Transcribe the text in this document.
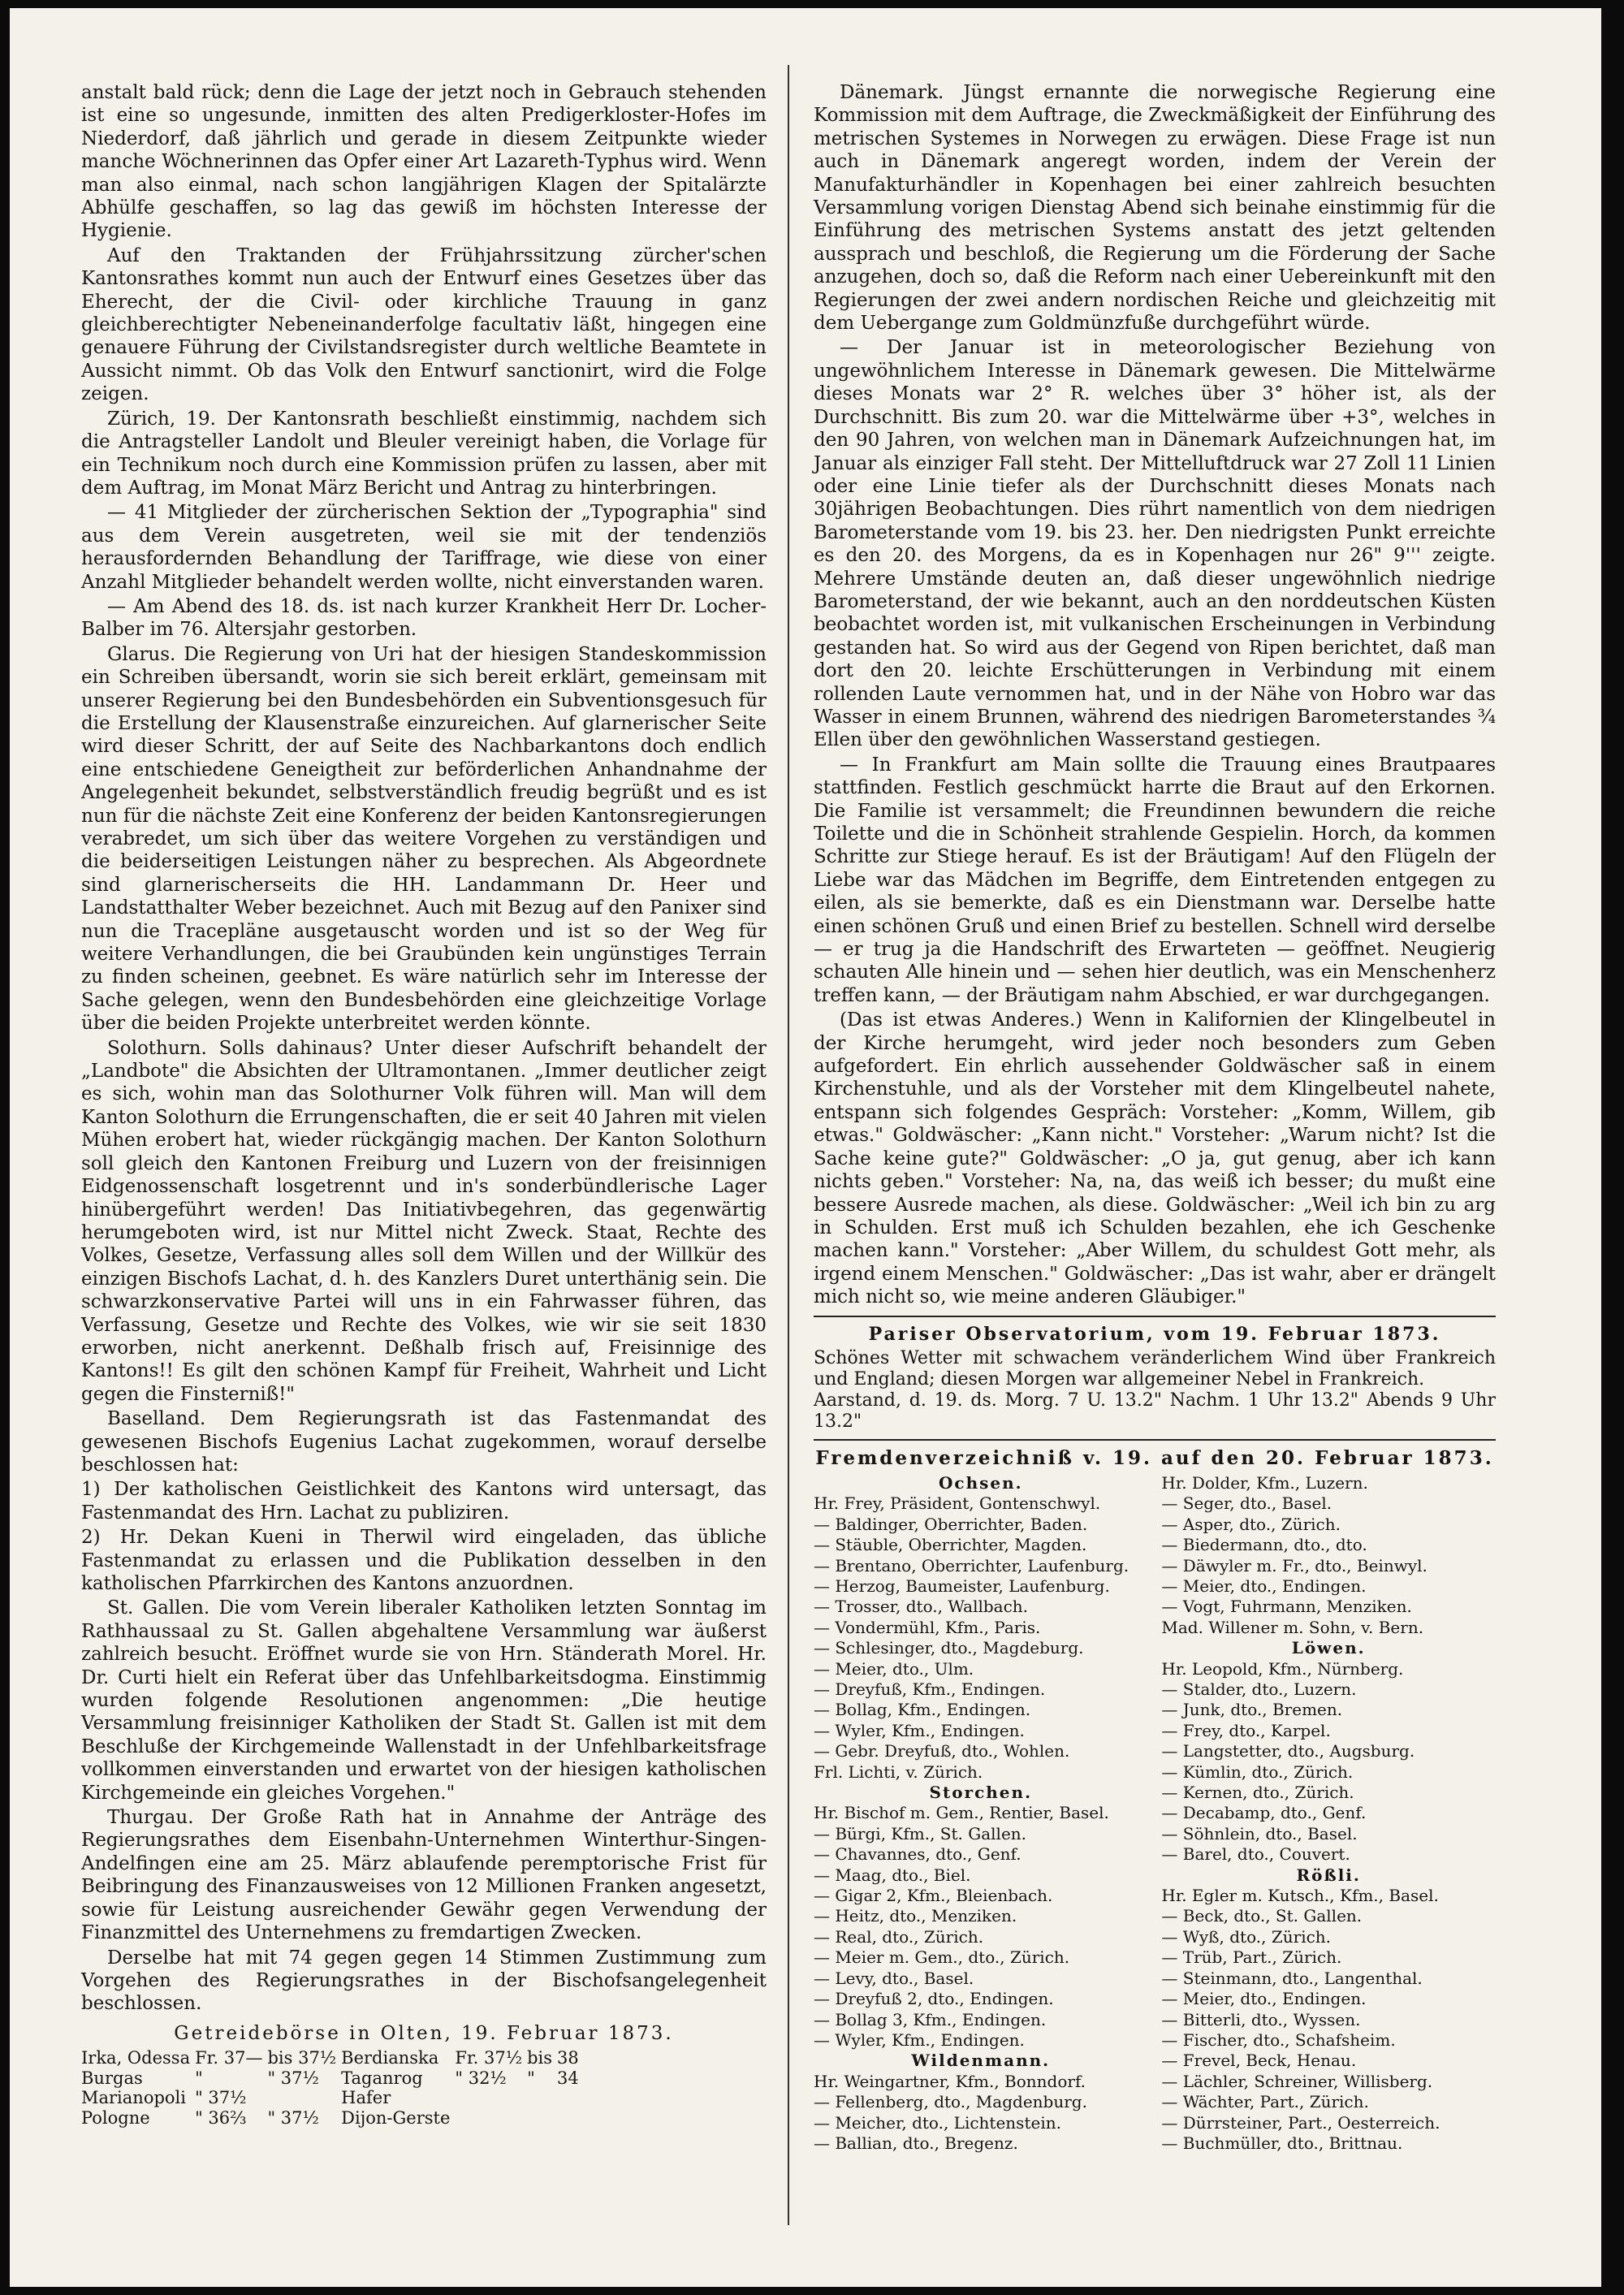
anstalt bald rück; denn die Lage der jetzt noch in Gebrauch stehenden ist eine so ungesunde, inmitten des alten Predigerkloster-Hofes im Niederdorf, daß jährlich und gerade in diesem Zeitpunkte wieder manche Wöchnerinnen das Opfer einer Art Lazareth-Typhus wird. Wenn man also einmal, nach schon langjährigen Klagen der Spitalärzte Abhülfe geschaffen, so lag das gewiß im höchsten Interesse der Hygienie.

Auf den Traktanden der Frühjahrssitzung zürcher'schen Kantonsrathes kommt nun auch der Entwurf eines Gesetzes über das Eherecht, der die Civil- oder kirchliche Trauung in ganz gleichberechtigter Nebeneinanderfolge facultativ läßt, hingegen eine genauere Führung der Civilstandsregister durch weltliche Beamtete in Aussicht nimmt. Ob das Volk den Entwurf sanctionirt, wird die Folge zeigen.

Zürich, 19. Der Kantonsrath beschließt einstimmig, nachdem sich die Antragsteller Landolt und Bleuler vereinigt haben, die Vorlage für ein Technikum noch durch eine Kommission prüfen zu lassen, aber mit dem Auftrag, im Monat März Bericht und Antrag zu hinterbringen.

— 41 Mitglieder der zürcherischen Sektion der „Typographia" sind aus dem Verein ausgetreten, weil sie mit der tendenziös herausfordernden Behandlung der Tariffrage, wie diese von einer Anzahl Mitglieder behandelt werden wollte, nicht einverstanden waren.

— Am Abend des 18. ds. ist nach kurzer Krankheit Herr Dr. Locher-Balber im 76. Altersjahr gestorben.

Glarus. Die Regierung von Uri hat der hiesigen Standeskommission ein Schreiben übersandt, worin sie sich bereit erklärt, gemeinsam mit unserer Regierung bei den Bundesbehörden ein Subventionsgesuch für die Erstellung der Klausenstraße einzureichen. Auf glarnerischer Seite wird dieser Schritt, der auf Seite des Nachbarkantons doch endlich eine entschiedene Geneigtheit zur beförderlichen Anhandnahme der Angelegenheit bekundet, selbstverständlich freudig begrüßt und es ist nun für die nächste Zeit eine Konferenz der beiden Kantonsregierungen verabredet, um sich über das weitere Vorgehen zu verständigen und die beiderseitigen Leistungen näher zu besprechen. Als Abgeordnete sind glarnerischerseits die HH. Landammann Dr. Heer und Landstatthalter Weber bezeichnet. Auch mit Bezug auf den Panixer sind nun die Tracepläne ausgetauscht worden und ist so der Weg für weitere Verhandlungen, die bei Graubünden kein ungünstiges Terrain zu finden scheinen, geebnet. Es wäre natürlich sehr im Interesse der Sache gelegen, wenn den Bundesbehörden eine gleichzeitige Vorlage über die beiden Projekte unterbreitet werden könnte.

Solothurn. Solls dahinaus? Unter dieser Aufschrift behandelt der „Landbote" die Absichten der Ultramontanen. „Immer deutlicher zeigt es sich, wohin man das Solothurner Volk führen will. Man will dem Kanton Solothurn die Errungenschaften, die er seit 40 Jahren mit vielen Mühen erobert hat, wieder rückgängig machen. Der Kanton Solothurn soll gleich den Kantonen Freiburg und Luzern von der freisinnigen Eidgenossenschaft losgetrennt und in's sonderbündlerische Lager hinübergeführt werden! Das Initiativbegehren, das gegenwärtig herumgeboten wird, ist nur Mittel nicht Zweck. Staat, Rechte des Volkes, Gesetze, Verfassung alles soll dem Willen und der Willkür des einzigen Bischofs Lachat, d. h. des Kanzlers Duret unterthänig sein. Die schwarzkonservative Partei will uns in ein Fahrwasser führen, das Verfassung, Gesetze und Rechte des Volkes, wie wir sie seit 1830 erworben, nicht anerkennt. Deßhalb frisch auf, Freisinnige des Kantons!! Es gilt den schönen Kampf für Freiheit, Wahrheit und Licht gegen die Finsterniß!"

Baselland. Dem Regierungsrath ist das Fastenmandat des gewesenen Bischofs Eugenius Lachat zugekommen, worauf derselbe beschlossen hat:

1) Der katholischen Geistlichkeit des Kantons wird untersagt, das Fastenmandat des Hrn. Lachat zu publiziren.

2) Hr. Dekan Kueni in Therwil wird eingeladen, das übliche Fastenmandat zu erlassen und die Publikation desselben in den katholischen Pfarrkirchen des Kantons anzuordnen.

St. Gallen. Die vom Verein liberaler Katholiken letzten Sonntag im Rathhaussaal zu St. Gallen abgehaltene Versammlung war äußerst zahlreich besucht. Eröffnet wurde sie von Hrn. Ständerath Morel. Hr. Dr. Curti hielt ein Referat über das Unfehlbarkeitsdogma. Einstimmig wurden folgende Resolutionen angenommen: „Die heutige Versammlung freisinniger Katholiken der Stadt St. Gallen ist mit dem Beschluße der Kirchgemeinde Wallenstadt in der Unfehlbarkeitsfrage vollkommen einverstanden und erwartet von der hiesigen katholischen Kirchgemeinde ein gleiches Vorgehen."

Thurgau. Der Große Rath hat in Annahme der Anträge des Regierungsrathes dem Eisenbahn-Unternehmen Winterthur-Singen-Andelfingen eine am 25. März ablaufende peremptorische Frist für Beibringung des Finanzausweises von 12 Millionen Franken angesetzt, sowie für Leistung ausreichender Gewähr gegen Verwendung der Finanzmittel des Unternehmens zu fremdartigen Zwecken.

Derselbe hat mit 74 gegen gegen 14 Stimmen Zustimmung zum Vorgehen des Regierungsrathes in der Bischofsangelegenheit beschlossen.

Getreidebörse in Olten, 19. Februar 1873.
Irka, Odessa	Fr. 37—	bis 37½	Berdianska	Fr. 37½	bis	38
Burgas	"	" 37½	Taganrog	" 32½	"	34
Marianopoli	" 37½		Hafer			
Pologne	" 36⅔	" 37½	Dijon-Gerste			

Dänemark. Jüngst ernannte die norwegische Regierung eine Kommission mit dem Auftrage, die Zweckmäßigkeit der Einführung des metrischen Systemes in Norwegen zu erwägen. Diese Frage ist nun auch in Dänemark angeregt worden, indem der Verein der Manufakturhändler in Kopenhagen bei einer zahlreich besuchten Versammlung vorigen Dienstag Abend sich beinahe einstimmig für die Einführung des metrischen Systems anstatt des jetzt geltenden aussprach und beschloß, die Regierung um die Förderung der Sache anzugehen, doch so, daß die Reform nach einer Uebereinkunft mit den Regierungen der zwei andern nordischen Reiche und gleichzeitig mit dem Uebergange zum Goldmünzfuße durchgeführt würde.

— Der Januar ist in meteorologischer Beziehung von ungewöhnlichem Interesse in Dänemark gewesen. Die Mittelwärme dieses Monats war 2° R. welches über 3° höher ist, als der Durchschnitt. Bis zum 20. war die Mittelwärme über +3°, welches in den 90 Jahren, von welchen man in Dänemark Aufzeichnungen hat, im Januar als einziger Fall steht. Der Mittelluftdruck war 27 Zoll 11 Linien oder eine Linie tiefer als der Durchschnitt dieses Monats nach 30jährigen Beobachtungen. Dies rührt namentlich von dem niedrigen Barometerstande vom 19. bis 23. her. Den niedrigsten Punkt erreichte es den 20. des Morgens, da es in Kopenhagen nur 26" 9''' zeigte. Mehrere Umstände deuten an, daß dieser ungewöhnlich niedrige Barometerstand, der wie bekannt, auch an den norddeutschen Küsten beobachtet worden ist, mit vulkanischen Erscheinungen in Verbindung gestanden hat. So wird aus der Gegend von Ripen berichtet, daß man dort den 20. leichte Erschütterungen in Verbindung mit einem rollenden Laute vernommen hat, und in der Nähe von Hobro war das Wasser in einem Brunnen, während des niedrigen Barometerstandes ¾ Ellen über den gewöhnlichen Wasserstand gestiegen.

— In Frankfurt am Main sollte die Trauung eines Brautpaares stattfinden. Festlich geschmückt harrte die Braut auf den Erkornen. Die Familie ist versammelt; die Freundinnen bewundern die reiche Toilette und die in Schönheit strahlende Gespielin. Horch, da kommen Schritte zur Stiege herauf. Es ist der Bräutigam! Auf den Flügeln der Liebe war das Mädchen im Begriffe, dem Eintretenden entgegen zu eilen, als sie bemerkte, daß es ein Dienstmann war. Derselbe hatte einen schönen Gruß und einen Brief zu bestellen. Schnell wird derselbe — er trug ja die Handschrift des Erwarteten — geöffnet. Neugierig schauten Alle hinein und — sehen hier deutlich, was ein Menschenherz treffen kann, — der Bräutigam nahm Abschied, er war durchgegangen.

(Das ist etwas Anderes.) Wenn in Kalifornien der Klingelbeutel in der Kirche herumgeht, wird jeder noch besonders zum Geben aufgefordert. Ein ehrlich aussehender Goldwäscher saß in einem Kirchenstuhle, und als der Vorsteher mit dem Klingelbeutel nahete, entspann sich folgendes Gespräch: Vorsteher: „Komm, Willem, gib etwas." Goldwäscher: „Kann nicht." Vorsteher: „Warum nicht? Ist die Sache keine gute?" Goldwäscher: „O ja, gut genug, aber ich kann nichts geben." Vorsteher: Na, na, das weiß ich besser; du mußt eine bessere Ausrede machen, als diese. Goldwäscher: „Weil ich bin zu arg in Schulden. Erst muß ich Schulden bezahlen, ehe ich Geschenke machen kann." Vorsteher: „Aber Willem, du schuldest Gott mehr, als irgend einem Menschen." Goldwäscher: „Das ist wahr, aber er drängelt mich nicht so, wie meine anderen Gläubiger."

Pariser Observatorium, vom 19. Februar 1873.
Schönes Wetter mit schwachem veränderlichem Wind über Frankreich und England; diesen Morgen war allgemeiner Nebel in Frankreich.
Aarstand, d. 19. ds. Morg. 7 U. 13.2" Nachm. 1 Uhr 13.2" Abends 9 Uhr 13.2"
Fremdenverzeichniß v. 19. auf den 20. Februar 1873.
Ochsen.
Hr. Frey, Präsident, Gontenschwyl.
— Baldinger, Oberrichter, Baden.
— Stäuble, Oberrichter, Magden.
— Brentano, Oberrichter, Laufenburg.
— Herzog, Baumeister, Laufenburg.
— Trosser, dto., Wallbach.
— Vondermühl, Kfm., Paris.
— Schlesinger, dto., Magdeburg.
— Meier, dto., Ulm.
— Dreyfuß, Kfm., Endingen.
— Bollag, Kfm., Endingen.
— Wyler, Kfm., Endingen.
— Gebr. Dreyfuß, dto., Wohlen.
Frl. Lichti, v. Zürich.
Storchen.
Hr. Bischof m. Gem., Rentier, Basel.
— Bürgi, Kfm., St. Gallen.
— Chavannes, dto., Genf.
— Maag, dto., Biel.
— Gigar 2, Kfm., Bleienbach.
— Heitz, dto., Menziken.
— Real, dto., Zürich.
— Meier m. Gem., dto., Zürich.
— Levy, dto., Basel.
— Dreyfuß 2, dto., Endingen.
— Bollag 3, Kfm., Endingen.
— Wyler, Kfm., Endingen.
Wildenmann.
Hr. Weingartner, Kfm., Bonndorf.
— Fellenberg, dto., Magdenburg.
— Meicher, dto., Lichtenstein.
— Ballian, dto., Bregenz.
Hr. Dolder, Kfm., Luzern.
— Seger, dto., Basel.
— Asper, dto., Zürich.
— Biedermann, dto., dto.
— Däwyler m. Fr., dto., Beinwyl.
— Meier, dto., Endingen.
— Vogt, Fuhrmann, Menziken.
Mad. Willener m. Sohn, v. Bern.
Löwen.
Hr. Leopold, Kfm., Nürnberg.
— Stalder, dto., Luzern.
— Junk, dto., Bremen.
— Frey, dto., Karpel.
— Langstetter, dto., Augsburg.
— Kümlin, dto., Zürich.
— Kernen, dto., Zürich.
— Decabamp, dto., Genf.
— Söhnlein, dto., Basel.
— Barel, dto., Couvert.
Rößli.
Hr. Egler m. Kutsch., Kfm., Basel.
— Beck, dto., St. Gallen.
— Wyß, dto., Zürich.
— Trüb, Part., Zürich.
— Steinmann, dto., Langenthal.
— Meier, dto., Endingen.
— Bitterli, dto., Wyssen.
— Fischer, dto., Schafsheim.
— Frevel, Beck, Henau.
— Lächler, Schreiner, Willisberg.
— Wächter, Part., Zürich.
— Dürrsteiner, Part., Oesterreich.
— Buchmüller, dto., Brittnau.
